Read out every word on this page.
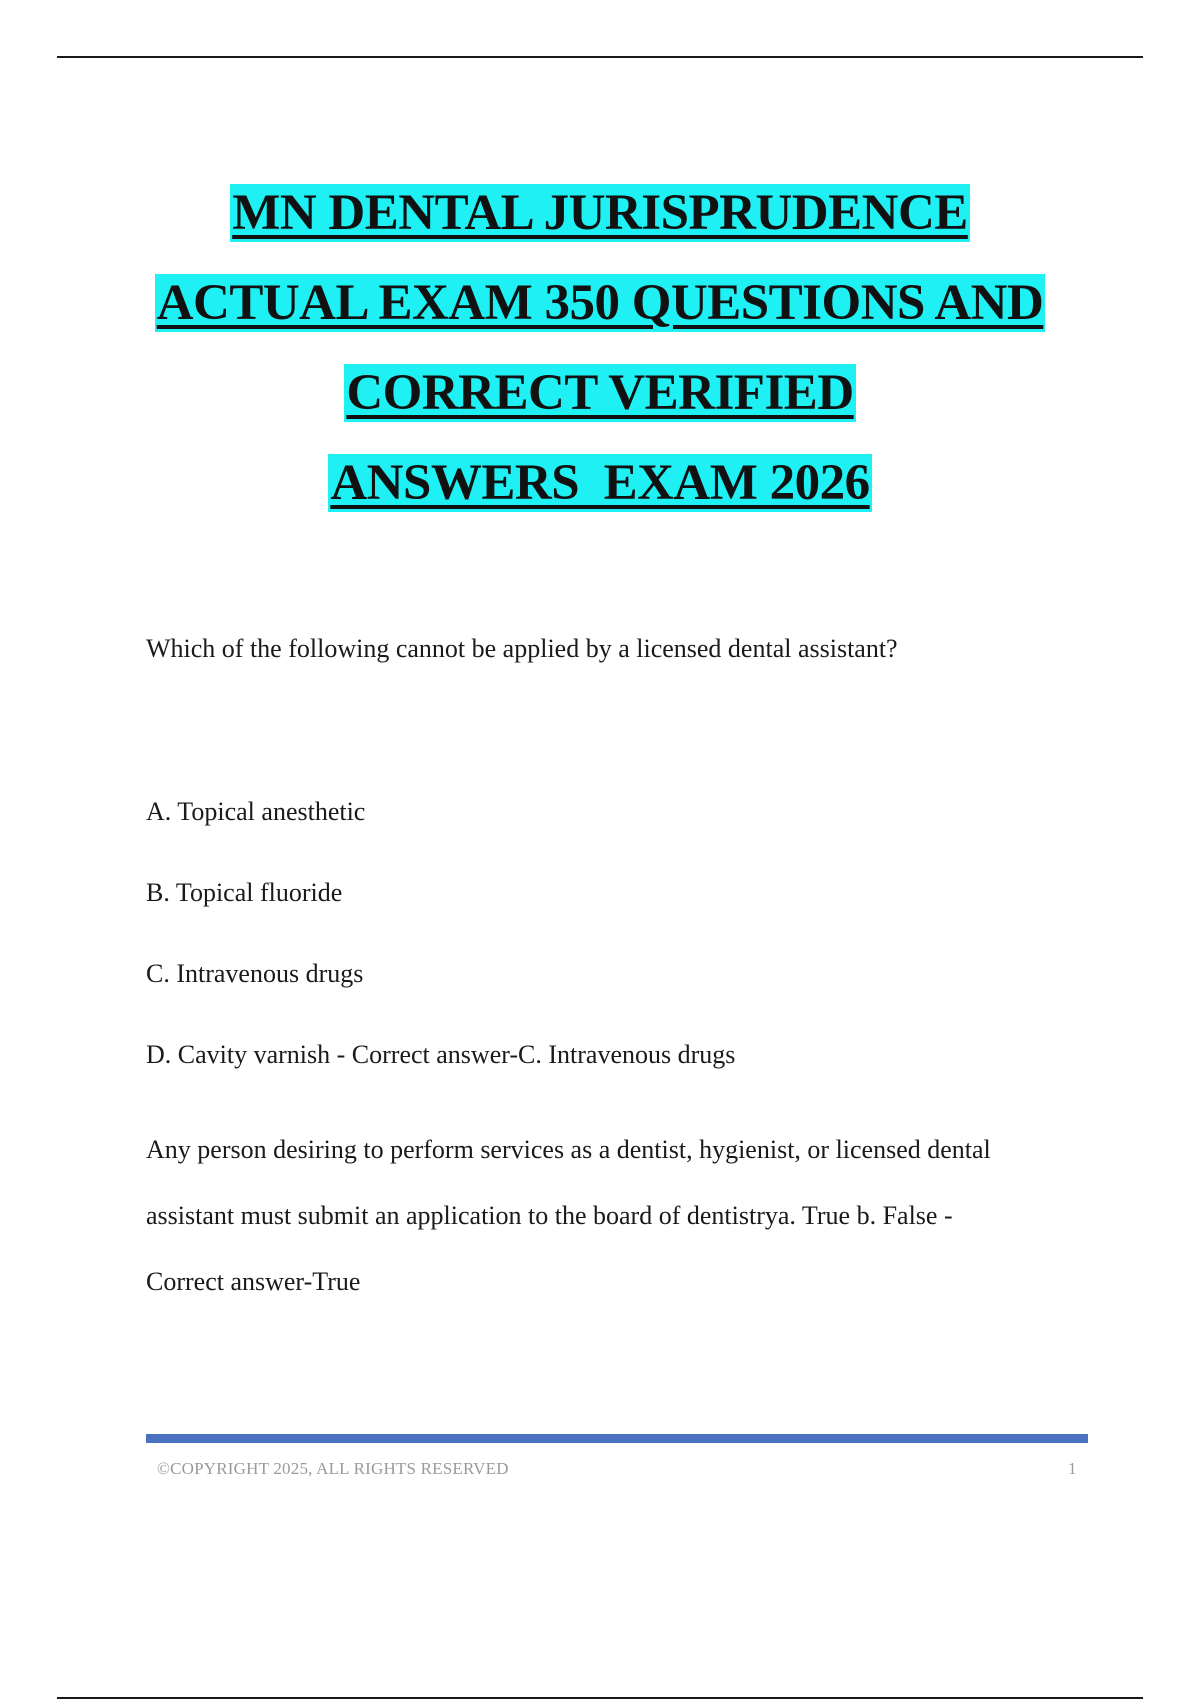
MN DENTAL JURISPRUDENCE
ACTUAL EXAM 350 QUESTIONS AND
CORRECT VERIFIED
ANSWERS  EXAM 2026
Which of the following cannot be applied by a licensed dental assistant?
A. Topical anesthetic
B. Topical fluoride
C. Intravenous drugs
D. Cavity varnish - Correct answer-C. Intravenous drugs
Any person desiring to perform services as a dentist, hygienist, or licensed dental
assistant must submit an application to the board of dentistrya. True b. False -
Correct answer-True
©COPYRIGHT 2025, ALL RIGHTS RESERVED	1
